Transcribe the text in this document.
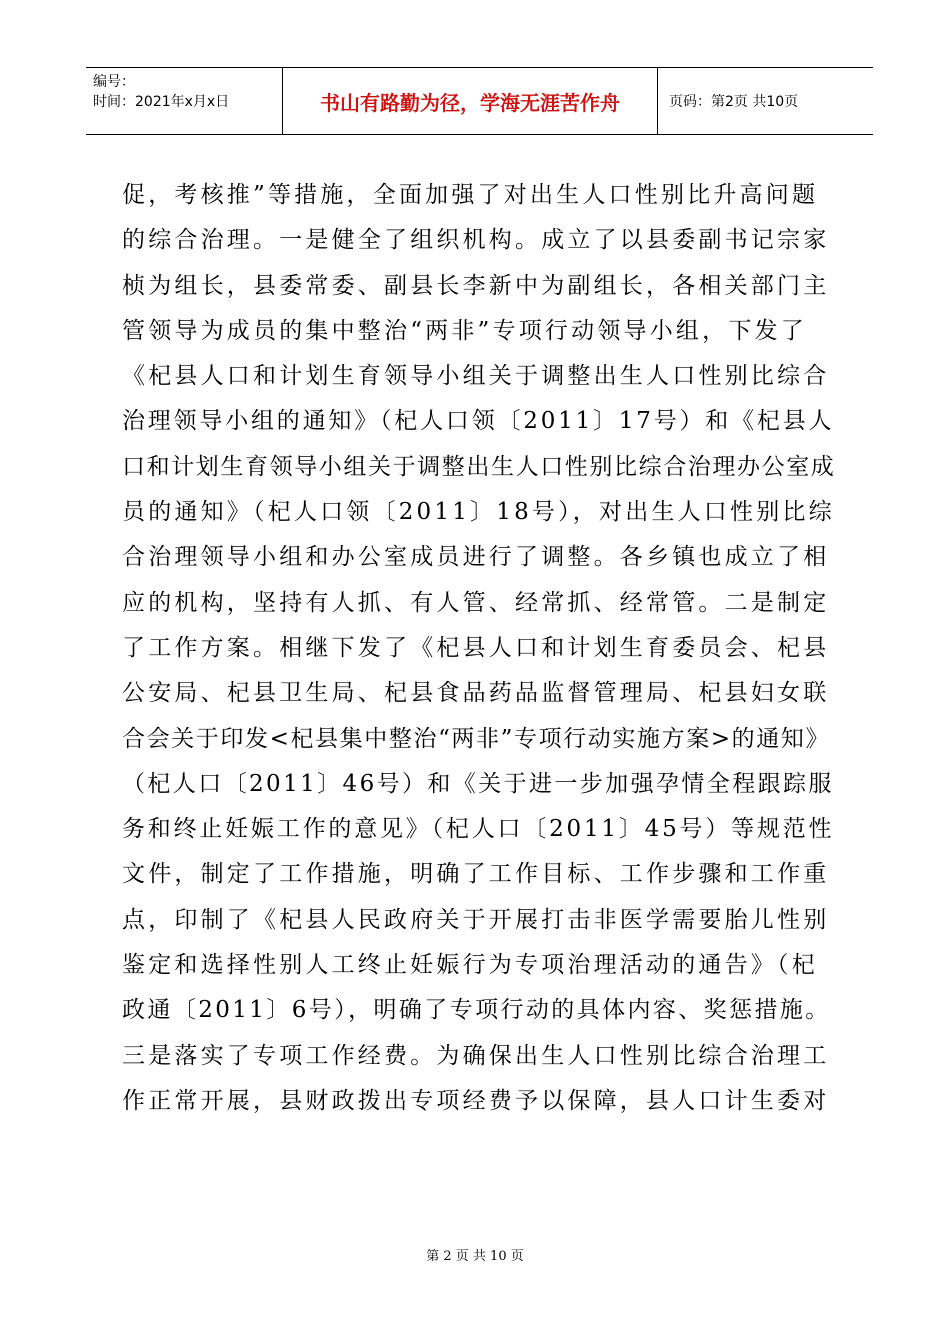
编号：
时间：2021年x月x日	书山有路勤为径，学海无涯苦作舟	页码：第2页 共10页
促，考核推”等措施，全面加强了对出生人口性别比升高问题
的综合治理。一是健全了组织机构。成立了以县委副书记宗家
桢为组长，县委常委、副县长李新中为副组长，各相关部门主
管领导为成员的集中整治“两非”专项行动领导小组，下发了
《杞县人口和计划生育领导小组关于调整出生人口性别比综合
治理领导小组的通知》（杞人口领〔2011〕17号）和《杞县人
口和计划生育领导小组关于调整出生人口性别比综合治理办公室成
员的通知》（杞人口领〔2011〕18号），对出生人口性别比综
合治理领导小组和办公室成员进行了调整。各乡镇也成立了相
应的机构，坚持有人抓、有人管、经常抓、经常管。二是制定
了工作方案。相继下发了《杞县人口和计划生育委员会、杞县
公安局、杞县卫生局、杞县食品药品监督管理局、杞县妇女联
合会关于印发<杞县集中整治“两非”专项行动实施方案>的通知》
（杞人口〔2011〕46号）和《关于进一步加强孕情全程跟踪服
务和终止妊娠工作的意见》（杞人口〔2011〕45号）等规范性
文件，制定了工作措施，明确了工作目标、工作步骤和工作重
点，印制了《杞县人民政府关于开展打击非医学需要胎儿性别
鉴定和选择性别人工终止妊娠行为专项治理活动的通告》（杞
政通〔2011〕6号），明确了专项行动的具体内容、奖惩措施。
三是落实了专项工作经费。为确保出生人口性别比综合治理工
作正常开展，县财政拨出专项经费予以保障，县人口计生委对
第 2 页 共 10 页
